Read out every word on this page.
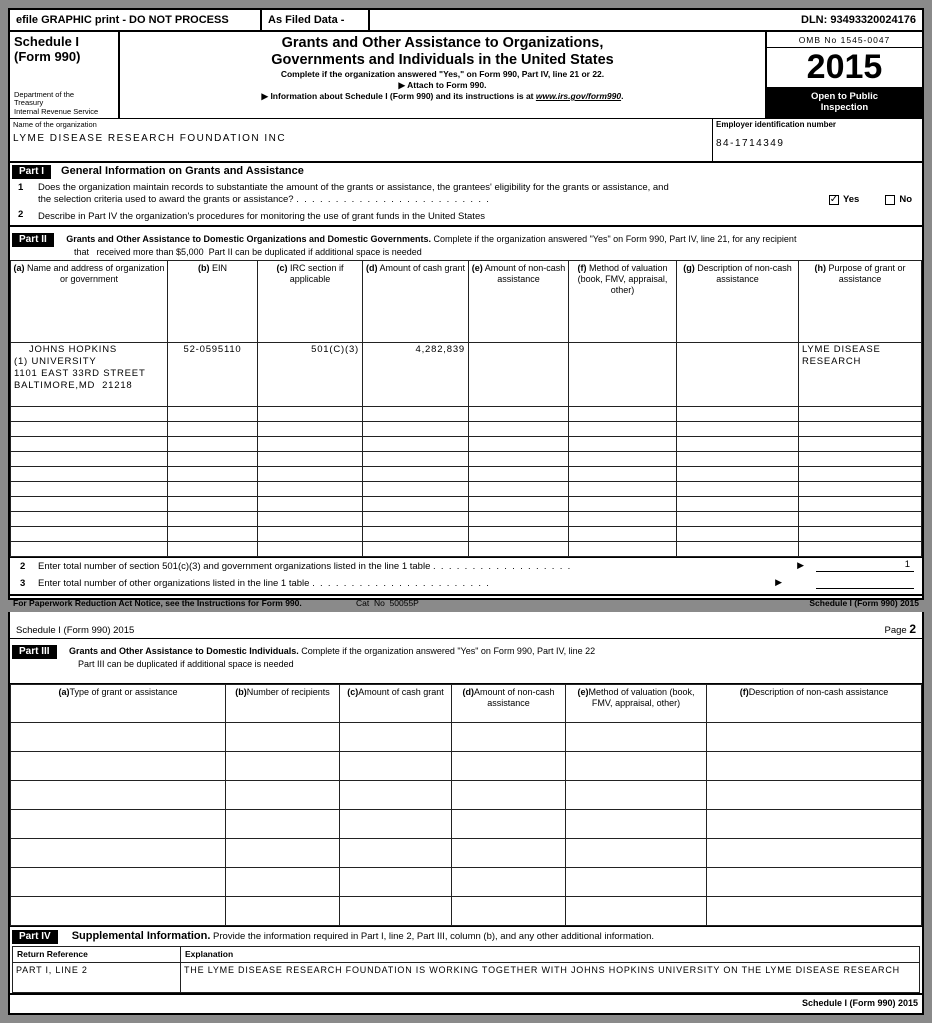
efile GRAPHIC print - DO NOT PROCESS	As Filed Data -	DLN: 93493320024176
Schedule I
(Form 990)
Department of the
Treasury
Internal Revenue Service
Grants and Other Assistance to Organizations,
Governments and Individuals in the United States
Complete if the organization answered "Yes," on Form 990, Part IV, line 21 or 22.
▶ Attach to Form 990.
▶ Information about Schedule I (Form 990) and its instructions is at www.irs.gov/form990.
OMB No 1545-0047
2015
Open to Public
Inspection
Name of the organization
LYME DISEASE RESEARCH FOUNDATION INC
Employer identification number
84-1714349
Part I	General Information on Grants and Assistance
1 Does the organization maintain records to substantiate the amount of the grants or assistance, the grantees' eligibility for the grants or assistance, and
the selection criteria used to award the grants or assistance? .  .  .  .  .  .  .  .  .  .  .  .  .  .  .  .  .  .  .  .  .  .  .  .  .	✓ Yes	No
2 Describe in Part IV the organization's procedures for monitoring the use of grant funds in the United States
Part II Grants and Other Assistance to Domestic Organizations and Domestic Governments. Complete if the organization answered "Yes" on Form 990, Part IV, line 21, for any recipient
that   received more than $5,000  Part II can be duplicated if additional space is needed
(a) Name and address of organization or government	(b) EIN	(c) IRC section if applicable	(d) Amount of cash grant	(e) Amount of non-cash assistance	(f) Method of valuation (book, FMV, appraisal, other)	(g) Description of non-cash assistance	(h) Purpose of grant or assistance

JOHNS HOPKINS
(1) UNIVERSITY
1101 EAST 33RD STREET
BALTIMORE,MD  21218
	52-0595110	501(C)(3)	4,282,839				LYME DISEASE
RESEARCH

2 Enter total number of section 501(c)(3) and government organizations listed in the line 1 table .  .  .  .  .  .  .  .  .  .  .  .  .  .  .  .  .  .	▶	1
3 Enter total number of other organizations listed in the line 1 table .  .  .  .  .  .  .  .  .  .  .  .  .  .  .  .  .  .  .  .  .  .  .	▶
For Paperwork Reduction Act Notice, see the Instructions for Form 990.	Cat  No  50055P	Schedule I (Form 990) 2015
Schedule I (Form 990) 2015	Page 2
Part III Grants and Other Assistance to Domestic Individuals. Complete if the organization answered "Yes" on Form 990, Part IV, line 22
Part III can be duplicated if additional space is needed
(a)Type of grant or assistance	(b)Number of recipients	(c)Amount of cash grant	(d)Amount of non-cash assistance	(e)Method of valuation (book, FMV, appraisal, other)	(f)Description of non-cash assistance

Part IV	Supplemental Information. Provide the information required in Part I, line 2, Part III, column (b), and any other additional information.
Return Reference	Explanation
PART I, LINE 2	THE LYME DISEASE RESEARCH FOUNDATION IS WORKING TOGETHER WITH JOHNS HOPKINS UNIVERSITY ON THE LYME DISEASE RESEARCH
Schedule I (Form 990) 2015
